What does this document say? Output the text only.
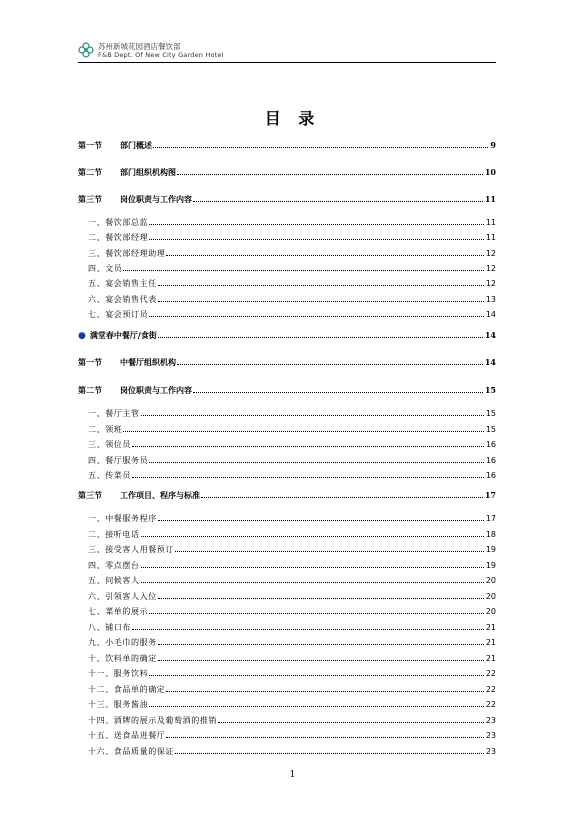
苏州新城花园酒店餐饮部
F&B Dept. Of New City Garden Hotel
目 录
第一节	部门概述	9
第二节	部门组织机构图	10
第三节	岗位职责与工作内容	11
一、餐饮部总监	11
二、餐饮部经理	11
三、餐饮部经理助理	12
四、文员	12
五、宴会销售主任	12
六、宴会销售代表	13
七、宴会预订员	14
● 满堂春中餐厅/食街	14
第一节	中餐厅组织机构	14
第二节	岗位职责与工作内容	15
一、餐厅主管	15
二、领班	15
三、领位员	16
四、餐厅服务员	16
五、传菜员	16
第三节	工作项目、程序与标准	17
一、中餐服务程序	17
二、接听电话	18
三、接受客人用餐预订	19
四、零点摆台	19
五、问候客人	20
六、引领客人入位	20
七、菜单的展示	20
八、铺口布	21
九、小毛巾的服务	21
十、饮料单的确定	21
十一、服务饮料	22
十二、食品单的确定	22
十三、服务酱油	22
十四、酒牌的展示及葡萄酒的推销	23
十五、送食品进餐厅	23
十六、食品质量的保证	23
1
